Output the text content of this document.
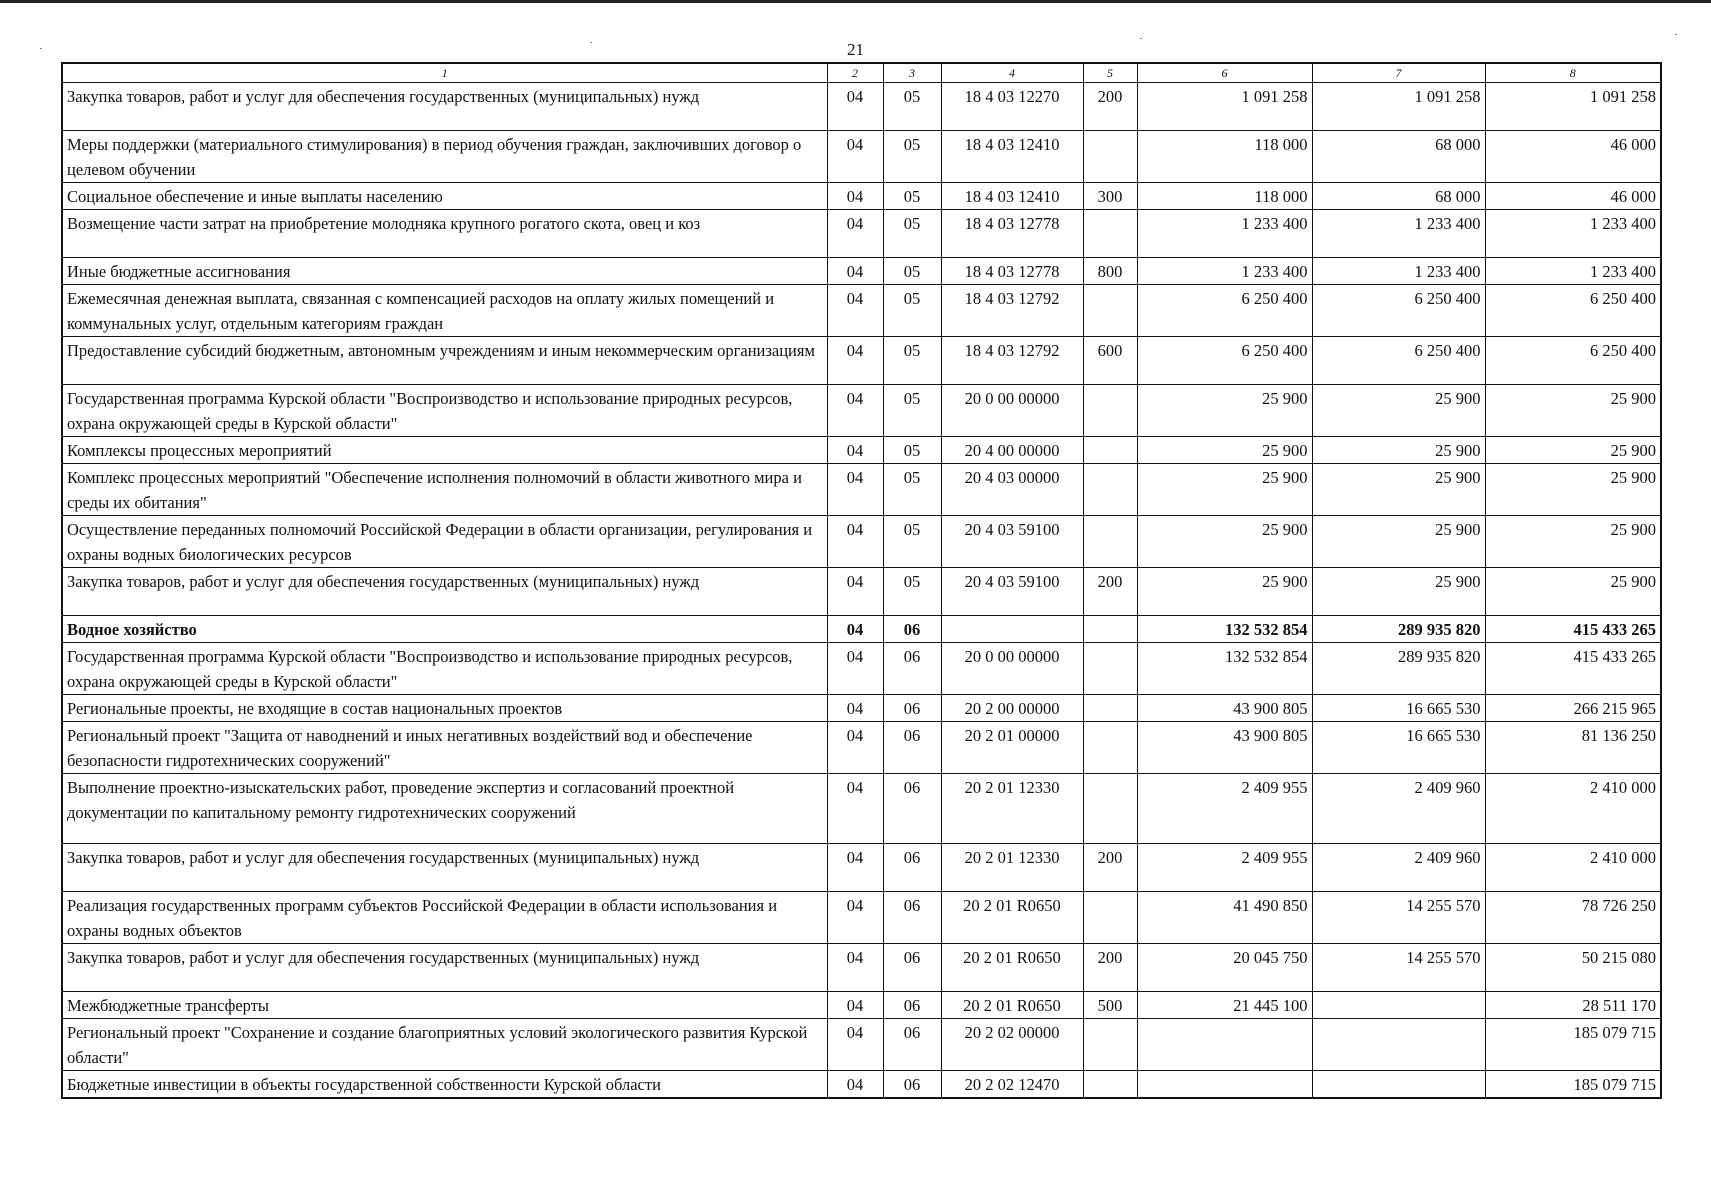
21
1	2	3	4	5	6	7	8
Закупка товаров, работ и услуг для обеспечения государственных (муниципальных) нужд	04	05	18 4 03 12270	200	1 091 258	1 091 258	1 091 258
Меры поддержки (материального стимулирования) в период обучения граждан, заключивших договор о целевом обучении	04	05	18 4 03 12410		118 000	68 000	46 000
Социальное обеспечение и иные выплаты населению	04	05	18 4 03 12410	300	118 000	68 000	46 000
Возмещение части затрат на приобретение молодняка крупного рогатого скота, овец и коз	04	05	18 4 03 12778		1 233 400	1 233 400	1 233 400
Иные бюджетные ассигнования	04	05	18 4 03 12778	800	1 233 400	1 233 400	1 233 400
Ежемесячная денежная выплата, связанная с компенсацией расходов на оплату жилых помещений и коммунальных услуг, отдельным категориям граждан	04	05	18 4 03 12792		6 250 400	6 250 400	6 250 400
Предоставление субсидий бюджетным, автономным учреждениям и иным некоммерческим организациям	04	05	18 4 03 12792	600	6 250 400	6 250 400	6 250 400
Государственная программа Курской области "Воспроизводство и использование природных ресурсов, охрана окружающей среды в Курской области"	04	05	20 0 00 00000		25 900	25 900	25 900
Комплексы процессных мероприятий	04	05	20 4 00 00000		25 900	25 900	25 900
Комплекс процессных мероприятий "Обеспечение исполнения полномочий в области животного мира и среды их обитания"	04	05	20 4 03 00000		25 900	25 900	25 900
Осуществление переданных полномочий Российской Федерации в области организации, регулирования и охраны водных биологических ресурсов	04	05	20 4 03 59100		25 900	25 900	25 900
Закупка товаров, работ и услуг для обеспечения государственных (муниципальных) нужд	04	05	20 4 03 59100	200	25 900	25 900	25 900
Водное хозяйство	04	06			132 532 854	289 935 820	415 433 265
Государственная программа Курской области "Воспроизводство и использование природных ресурсов, охрана окружающей среды в Курской области"	04	06	20 0 00 00000		132 532 854	289 935 820	415 433 265
Региональные проекты, не входящие в состав национальных проектов	04	06	20 2 00 00000		43 900 805	16 665 530	266 215 965
Региональный проект "Защита от наводнений и иных негативных воздействий вод и обеспечение безопасности гидротехнических сооружений"	04	06	20 2 01 00000		43 900 805	16 665 530	81 136 250
Выполнение проектно-изыскательских работ, проведение экспертиз и согласований проектной документации по капитальному ремонту гидротехнических сооружений	04	06	20 2 01 12330		2 409 955	2 409 960	2 410 000
Закупка товаров, работ и услуг для обеспечения государственных (муниципальных) нужд	04	06	20 2 01 12330	200	2 409 955	2 409 960	2 410 000
Реализация государственных программ субъектов Российской Федерации в области использования и охраны водных объектов	04	06	20 2 01 R0650		41 490 850	14 255 570	78 726 250
Закупка товаров, работ и услуг для обеспечения государственных (муниципальных) нужд	04	06	20 2 01 R0650	200	20 045 750	14 255 570	50 215 080
Межбюджетные трансферты	04	06	20 2 01 R0650	500	21 445 100		28 511 170
Региональный проект "Сохранение и создание благоприятных условий экологического развития Курской области"	04	06	20 2 02 00000				185 079 715
Бюджетные инвестиции в объекты государственной собственности Курской области	04	06	20 2 02 12470				185 079 715
